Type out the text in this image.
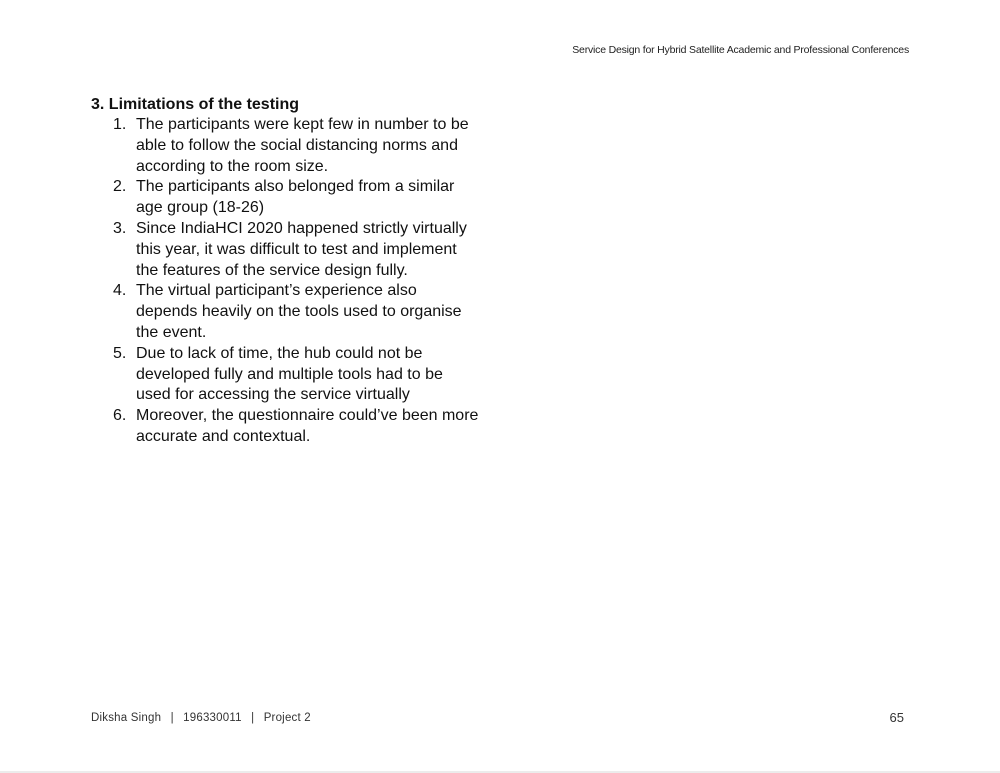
Service Design for Hybrid Satellite Academic and Professional Conferences
3. Limitations of the testing
1. The participants were kept few in number to be able to follow the social distancing norms and according to the room size.
2. The participants also belonged from a similar age group (18-26)
3. Since IndiaHCI 2020 happened strictly virtually this year, it was difficult to test and implement the features of the service design fully.
4. The virtual participant’s experience also depends heavily on the tools used to organise the event.
5. Due to lack of time, the hub could not be developed fully and multiple tools had to be used for accessing the service virtually
6. Moreover, the questionnaire could’ve been more accurate and contextual.
Diksha Singh | 196330011 | Project 2	65
